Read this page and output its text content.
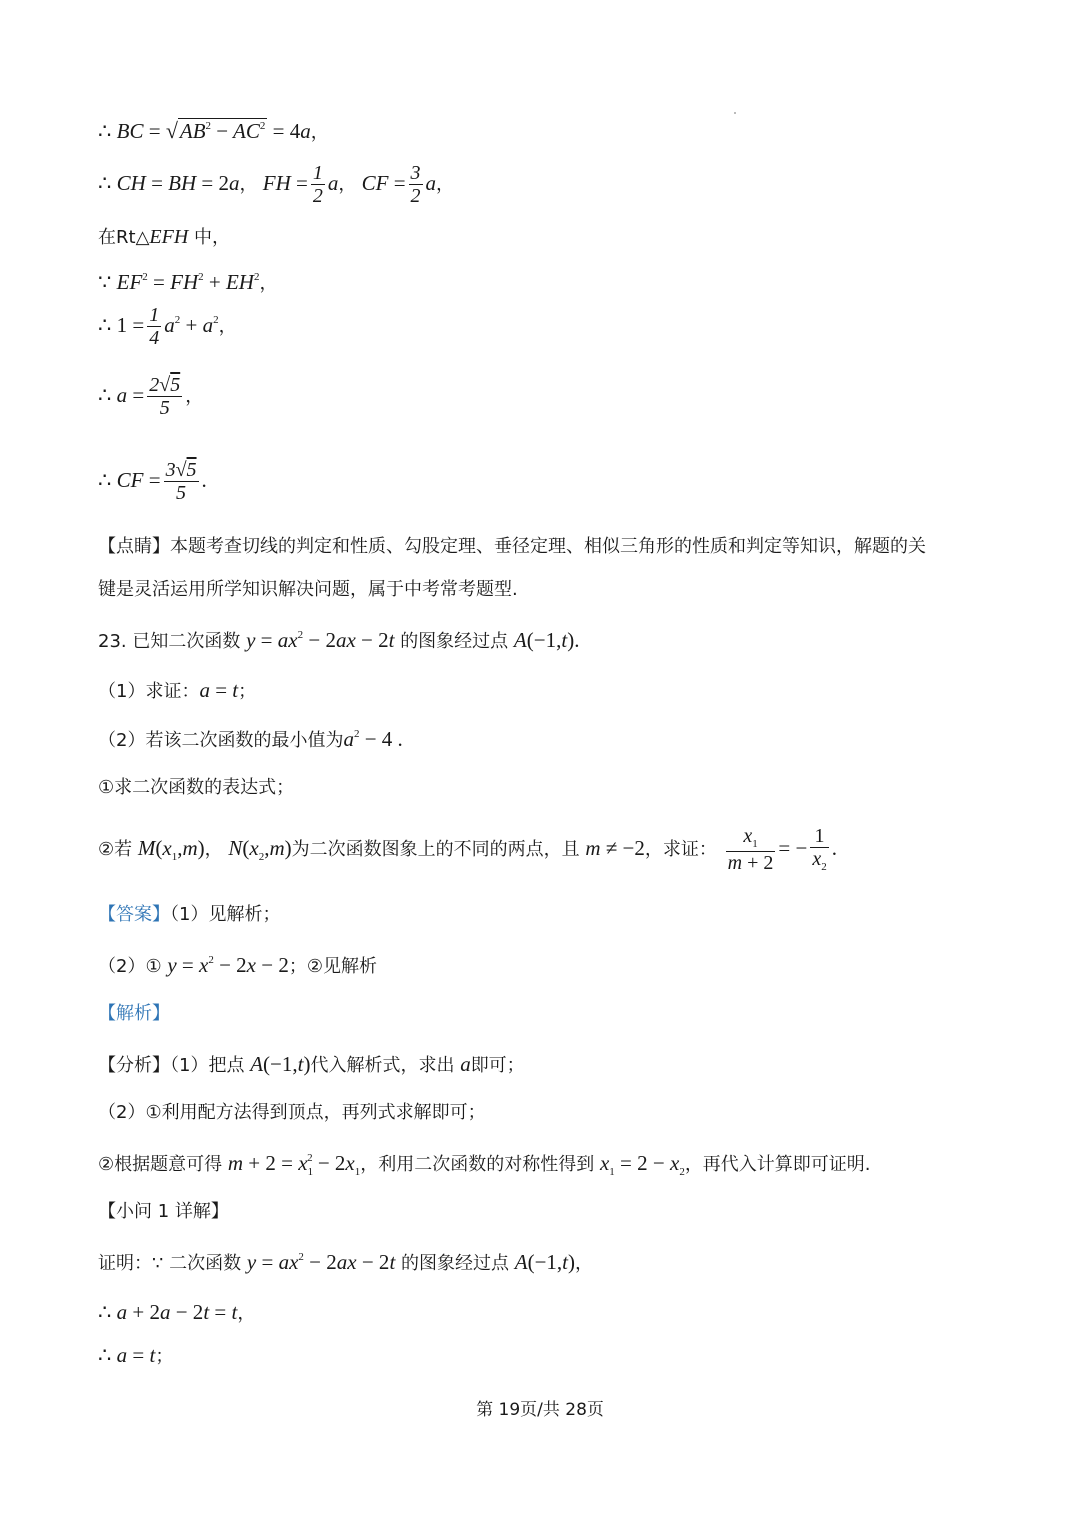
∴ BC = $√AB^2 - AC^2 = 4a$，
∴ CH = BH = 2a， FH = $\frac{1}{2}$ a， CF = $\frac{3}{2}$ a，
在Rt△EFH 中，
∵ $EF^2 = FH^2 + EH^2$，
∴ $1 = \frac{1}{4} a^2 + a^2$，
∴ $a = \frac{2√5}{5}$ ，
∴ CF = $\frac{3√5}{5}$ .
【点睛】本题考查切线的判定和性质、勾股定理、垂径定理、相似三角形的性质和判定等知识，解题的关
键是灵活运用所学知识解决问题，属于中考常考题型.
23. 已知二次函数 $y = ax^2 - 2ax - 2t$ 的图象经过点 A(−1,t).
（1）求证：a = t；
（2）若该二次函数的最小值为$a^2 - 4$ .
①求二次函数的表达式；
②若 $M(x_1,m)$， $N(x_2,m)$为二次函数图象上的不同的两点，且 m ≠ −2，求证： $\frac{x_1}{m + 2}$ = − $\frac{1}{x_2}$ .
【答案】（1）见解析；
（2）① $y = x^2 - 2x - 2$；②见解析
【解析】
【分析】（1）把点 A(−1,t)代入解析式，求出 a即可；
（2）①利用配方法得到顶点，再列式求解即可；
②根据题意可得 $m + 2 = x_1^2 - 2x_1$，利用二次函数的对称性得到 $x_1 = 2 - x_2$，再代入计算即可证明.
【小问 1 详解】
证明：∵ 二次函数 $y = ax^2 - 2ax - 2t$ 的图象经过点 A(−1,t)，
∴ a + 2a − 2t = t，
∴ a = t；
第 19页/共 28页
